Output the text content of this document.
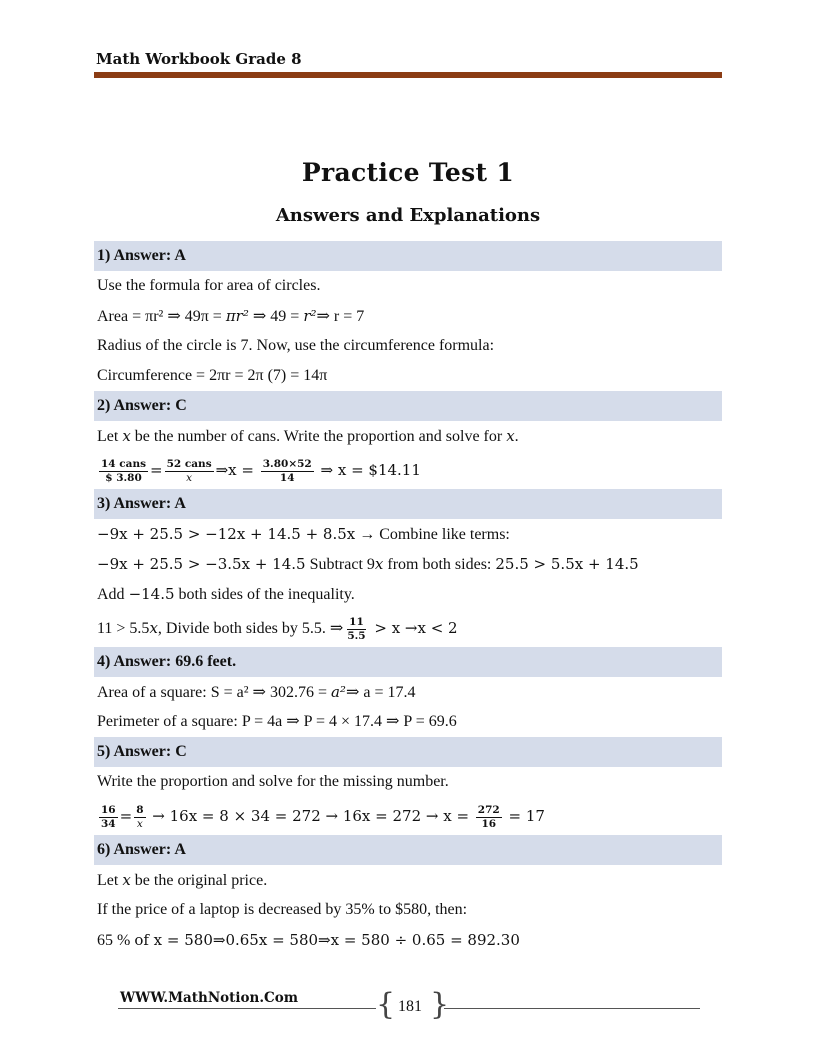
Math Workbook Grade 8
Practice Test 1
Answers and Explanations
1) Answer: A
Use the formula for area of circles.
Area = πr² ⇒ 49π = πr² ⇒ 49 = r²⇒ r = 7
Radius of the circle is 7. Now, use the circumference formula:
Circumference = 2πr = 2π (7) = 14π
2) Answer: C
Let x be the number of cans. Write the proportion and solve for x.
$\frac{\text{14 cans}}{\$ 3.80} = \frac{\text{52 cans}}{x}$ ⇒x = $\frac{3.80\times 52}{14}$ ⇒ x = $14.11
3) Answer: A
−9x + 25.5 > −12x + 14.5 + 8.5x → Combine like terms:
−9x + 25.5 > −3.5x + 14.5 Subtract 9x from both sides: 25.5 > 5.5x + 14.5
Add −14.5 both sides of the inequality.
11 > 5.5x, Divide both sides by 5.5. ⇒ $\frac{11}{5.5} > x \to x < 2$
4) Answer: 69.6 feet.
Area of a square: S = a² ⇒ 302.76 = a²⇒ a = 17.4
Perimeter of a square: P = 4a ⇒ P = 4 × 17.4 ⇒ P = 69.6
5) Answer: C
Write the proportion and solve for the missing number.
$\frac{16}{34} = \frac{8}{x} \to 16x = 8 \times 34 = 272 \to 16x = 272 \to x = \frac{272}{16} = 17$
6) Answer: A
Let x be the original price.
If the price of a laptop is decreased by 35% to $580, then:
65 % of x = 580⇒0.65x = 580⇒x = 580 ÷ 0.65 = 892.30
WWW.MathNotion.Com	{ 181 }
